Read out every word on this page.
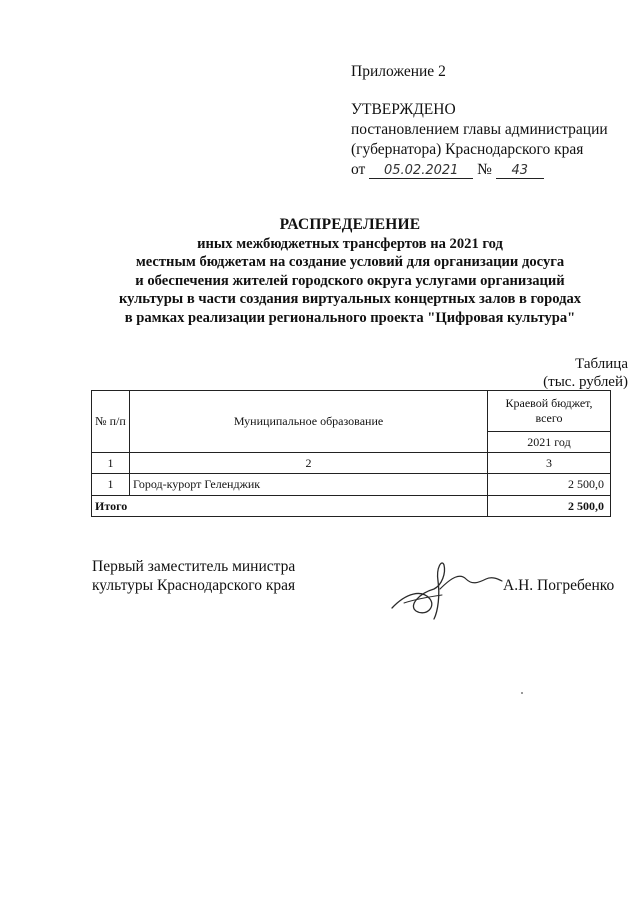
Приложение 2
УТВЕРЖДЕНО
постановлением главы администрации
(губернатора) Краснодарского края
от 05.02.2021 № 43
РАСПРЕДЕЛЕНИЕ
иных межбюджетных трансфертов на 2021 год
местным бюджетам на создание условий для организации досуга
и обеспечения жителей городского округа услугами организаций
культуры в части создания виртуальных концертных залов в городах
в рамках реализации регионального проекта "Цифровая культура"
Таблица
(тыс. рублей)
№ п/п	Муниципальное образование	Краевой бюджет, всего
		2021 год
1	2	3
1	Город-курорт Геленджик	2 500,0
Итого		2 500,0
Первый заместитель министра
культуры Краснодарского края	А.Н. Погребенко
